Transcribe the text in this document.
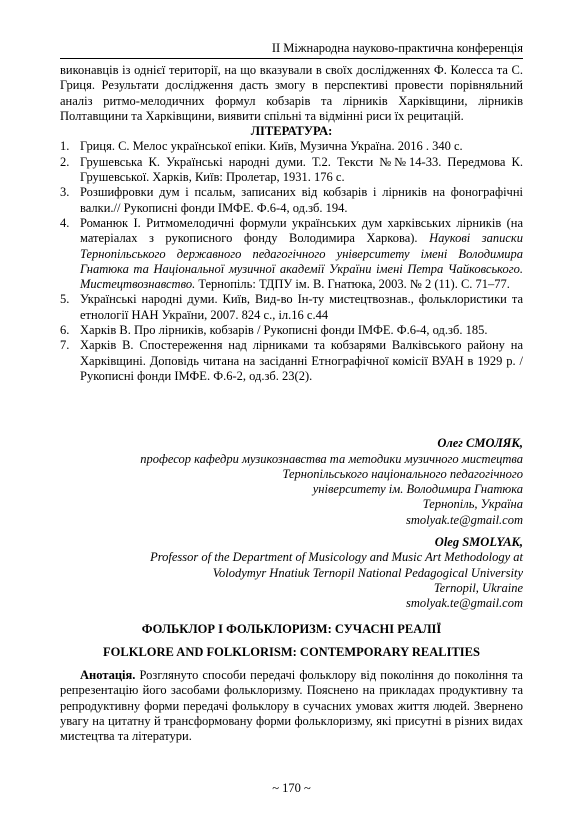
ІІ Міжнародна науково-практична конференція

виконавців із однієї території, на що вказували в своїх дослідженнях Ф. Колесса та С. Гриця. Результати дослідження дасть змогу в перспективі провести порівняльний аналіз ритмо-мелодичних формул кобзарів та лірників Харківщини, лірників Полтавщини та Харківщини, виявити спільні та відмінні риси їх рецитацій.

ЛІТЕРАТУРА:

1. Гриця. С. Мелос української епіки. Київ, Музична Україна. 2016 . 340 с.
2. Грушевська К. Українські народні думи. Т.2. Тексти №№14-33. Передмова К. Грушевської. Харків, Київ: Пролетар, 1931. 176 с.
3. Розшифровки дум і псальм, записаних від кобзарів і лірників на фонографічні валки.// Рукописні фонди ІМФЕ. Ф.6-4, од.зб. 194.
4. Романюк І. Ритмомелодичні формули українських дум харківських лірників (на матеріалах з рукописного фонду Володимира Харкова). Наукові записки Тернопільського державного педагогічного університету імені Володимира Гнатюка та Національної музичної академії України імені Петра Чайковського. Мистецтвознавство. Тернопіль: ТДПУ ім. В. Гнатюка, 2003. № 2 (11). С. 71–77.
5. Українські народні думи. Київ, Вид-во Ін-ту мистецтвознав., фольклористики та етнології НАН України, 2007. 824 с., іл.16 с.44
6. Харків В. Про лірників, кобзарів / Рукописні фонди ІМФЕ. Ф.6-4, од.зб. 185.
7. Харків В. Спостереження над лірниками та кобзарями Валківського району на Харківщині. Доповідь читана на засіданні Етнографічної комісії ВУАН в 1929 р. / Рукописні фонди ІМФЕ. Ф.6-2, од.зб. 23(2).

Олег СМОЛЯК,

професор кафедри музикознавства та методики музичного мистецтва

Тернопільського національного педагогічного

університету ім. Володимира Гнатюка

Тернопіль, Україна

smolyak.te@gmail.com

Oleg SMOLYAK,

Professor of the Department of Musicology and Music Art Methodology at

Volodymyr Hnatiuk Ternopil National Pedagogical University

Ternopil, Ukraine

smolyak.te@gmail.com

ФОЛЬКЛОР І ФОЛЬКЛОРИЗМ: СУЧАСНІ РЕАЛІЇ

FOLKLORE AND FOLKLORISM: CONTEMPORARY REALITIES

Анотація. Розглянуто способи передачі фольклору від покоління до покоління та репрезентацію його засобами фольклоризму. Пояснено на прикладах продуктивну та репродуктивну форми передачі фольклору в сучасних умовах життя людей. Звернено увагу на цитатну й трансформовану форми фольклоризму, які присутні в різних видах мистецтва та літератури.

~ 170 ~
